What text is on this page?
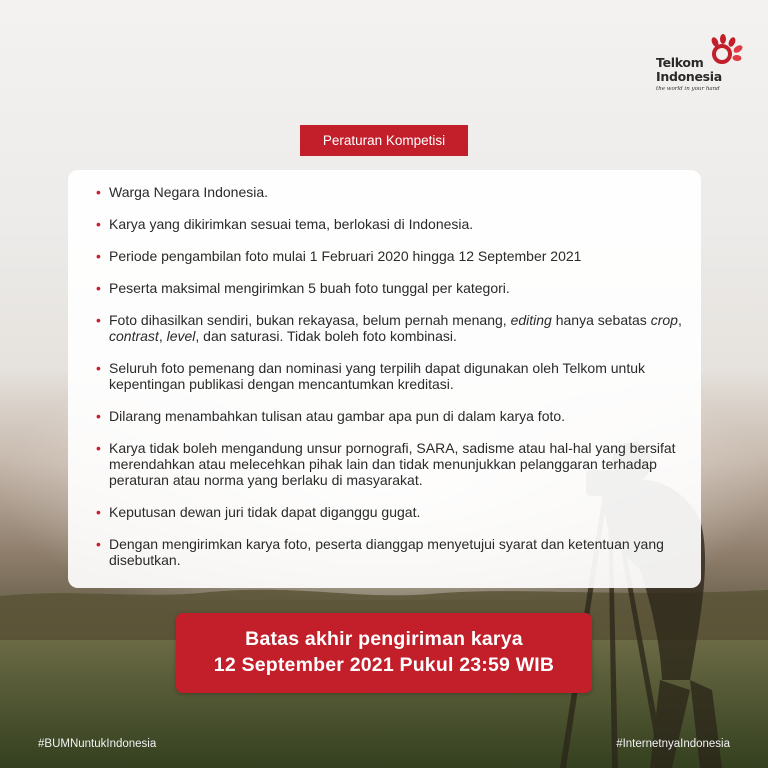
Telkom
Indonesia
the world in your hand
Peraturan Kompetisi
• Warga Negara Indonesia.
• Karya yang dikirimkan sesuai tema, berlokasi di Indonesia.
• Periode pengambilan foto mulai 1 Februari 2020 hingga 12 September 2021
• Peserta maksimal mengirimkan 5 buah foto tunggal per kategori.
• Foto dihasilkan sendiri, bukan rekayasa, belum pernah menang, editing hanya sebatas crop, contrast, level, dan saturasi. Tidak boleh foto kombinasi.
• Seluruh foto pemenang dan nominasi yang terpilih dapat digunakan oleh Telkom untuk kepentingan publikasi dengan mencantumkan kreditasi.
• Dilarang menambahkan tulisan atau gambar apa pun di dalam karya foto.
• Karya tidak boleh mengandung unsur pornografi, SARA, sadisme atau hal-hal yang bersifat merendahkan atau melecehkan pihak lain dan tidak menunjukkan pelanggaran terhadap peraturan atau norma yang berlaku di masyarakat.
• Keputusan dewan juri tidak dapat diganggu gugat.
• Dengan mengirimkan karya foto, peserta dianggap menyetujui syarat dan ketentuan yang disebutkan.
Batas akhir pengiriman karya
12 September 2021 Pukul 23:59 WIB
#BUMNuntukIndonesia	#InternetnyaIndonesia
